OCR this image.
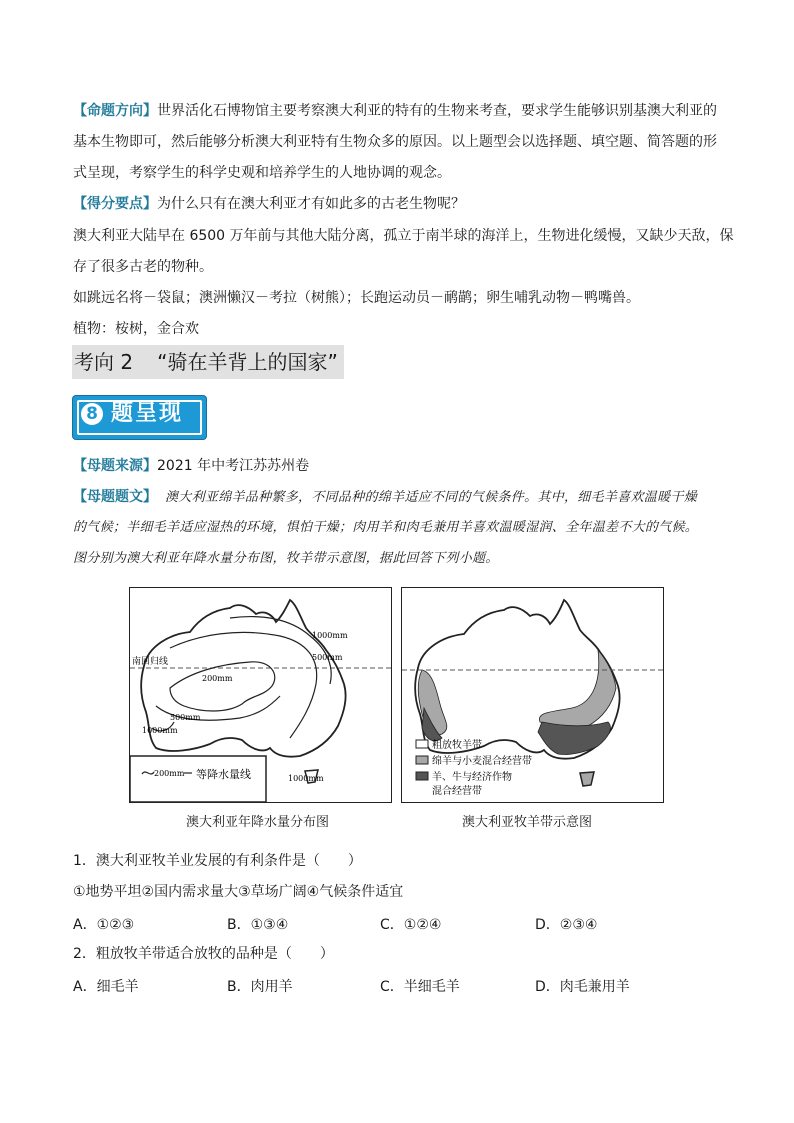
【命题方向】世界活化石博物馆主要考察澳大利亚的特有的生物来考查，要求学生能够识别基澳大利亚的
基本生物即可，然后能够分析澳大利亚特有生物众多的原因。以上题型会以选择题、填空题、简答题的形
式呈现，考察学生的科学史观和培养学生的人地协调的观念。
【得分要点】为什么只有在澳大利亚才有如此多的古老生物呢？
澳大利亚大陆早在 6500 万年前与其他大陆分离，孤立于南半球的海洋上，生物进化缓慢，又缺少天敌，保
存了很多古老的物种。
如跳远名将－袋鼠；澳洲懒汉－考拉（树熊）；长跑运动员－鸸鹋；卵生哺乳动物－鸭嘴兽。
植物：桉树，金合欢
考向 2 “骑在羊背上的国家”
8 题呈现
【母题来源】2021 年中考江苏苏州卷
【母题题文】 澳大利亚绵羊品种繁多，不同品种的绵羊适应不同的气候条件。其中，细毛羊喜欢温暖干燥
的气候；半细毛羊适应湿热的环境，惧怕干燥；肉用羊和肉毛兼用羊喜欢温暖湿润、全年温差不大的气候。
图分别为澳大利亚年降水量分布图，牧羊带示意图，据此回答下列小题。
南回归线
1000mm
500mm
200mm
500mm
1000mm
1000mm
200mm 等降水量线
澳大利亚年降水量分布图
粗放牧羊带
绵羊与小麦混合经营带
羊、牛与经济作物
混合经营带
澳大利亚牧羊带示意图
1．澳大利亚牧羊业发展的有利条件是（　　）
①地势平坦②国内需求量大③草场广阔④气候条件适宜
A．①②③	B．①③④	C．①②④	D．②③④
2．粗放牧羊带适合放牧的品种是（　　）
A．细毛羊	B．肉用羊	C．半细毛羊	D．肉毛兼用羊
